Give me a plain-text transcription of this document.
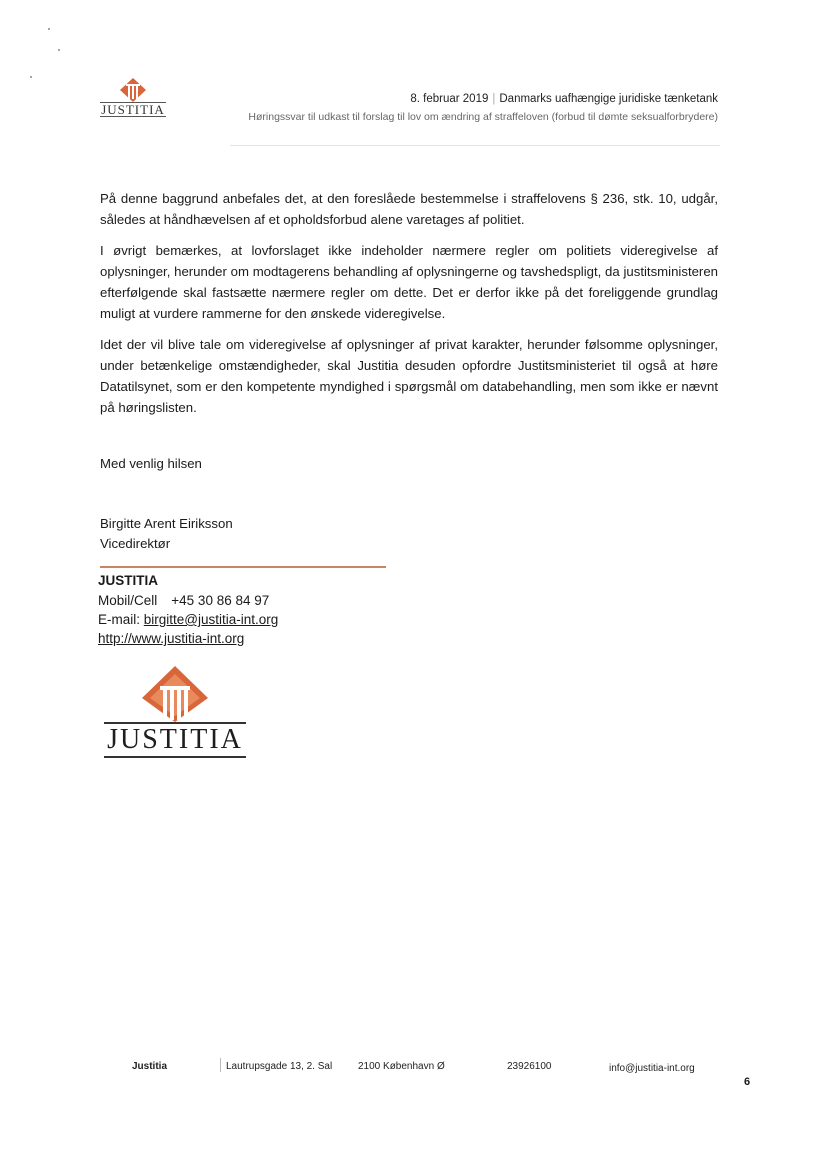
JUSTITIA
8. februar 2019 | Danmarks uafhængige juridiske tænketank
Høringssvar til udkast til forslag til lov om ændring af straffeloven (forbud til dømte seksualforbrydere)

På denne baggrund anbefales det, at den foreslåede bestemmelse i straffelovens § 236, stk. 10, udgår, således at håndhævelsen af et opholdsforbud alene varetages af politiet.

I øvrigt bemærkes, at lovforslaget ikke indeholder nærmere regler om politiets videregivelse af oplysninger, herunder om modtagerens behandling af oplysningerne og tavshedspligt, da justitsministeren efterfølgende skal fastsætte nærmere regler om dette. Det er derfor ikke på det foreliggende grundlag muligt at vurdere rammerne for den ønskede videregivelse.

Idet der vil blive tale om videregivelse af oplysninger af privat karakter, herunder følsomme oplysninger, under betænkelige omstændigheder, skal Justitia desuden opfordre Justitsministeriet til også at høre Datatilsynet, som er den kompetente myndighed i spørgsmål om databehandling, men som ikke er nævnt på høringslisten.

Med venlig hilsen
Birgitte Arent Eiriksson
Vicedirektør
JUSTITIA
Mobil/Cell +45 30 86 84 97
E-mail: birgitte@justitia-int.org
http://www.justitia-int.org
JUSTITIA
Justitia	Lautrupsgade 13, 2. Sal	2100 København Ø	23926100	info@justitia-int.org
6
